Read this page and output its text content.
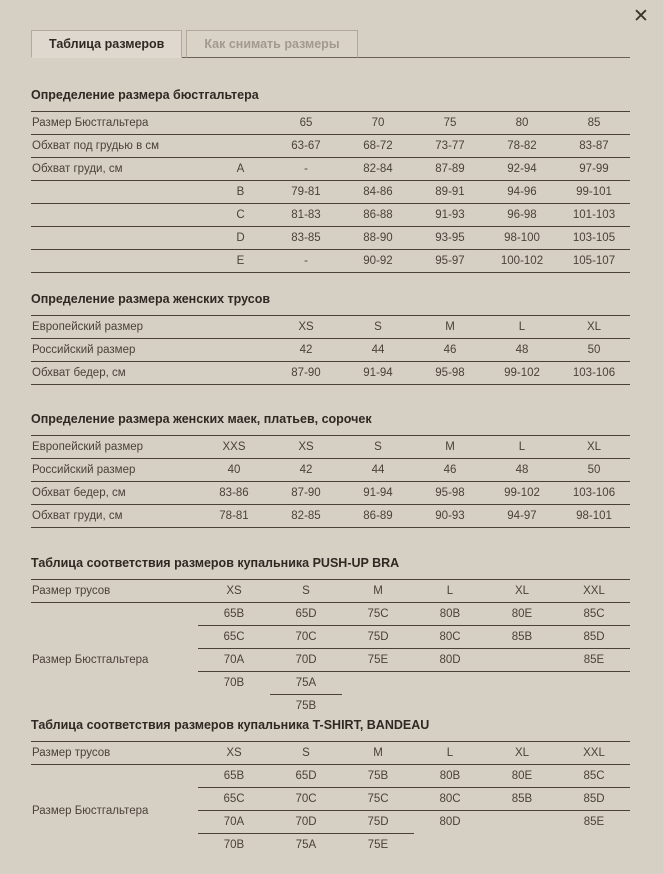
✕
Таблица размеров	Как снимать размеры
Определение размера бюстгальтера
Размер Бюстгальтера		65	70	75	80	85
Обхват под грудью в см		63-67	68-72	73-77	78-82	83-87
Обхват груди, см	A	-	82-84	87-89	92-94	97-99
	B	79-81	84-86	89-91	94-96	99-101
	C	81-83	86-88	91-93	96-98	101-103
	D	83-85	88-90	93-95	98-100	103-105
	E	-	90-92	95-97	100-102	105-107
Определение размера женских трусов
Европейский размер	XS	S	M	L	XL
Российский размер	42	44	46	48	50
Обхват бедер, см	87-90	91-94	95-98	99-102	103-106
Определение размера женских маек, платьев, сорочек
Европейский размер	XXS	XS	S	M	L	XL
Российский размер	40	42	44	46	48	50
Обхват бедер, см	83-86	87-90	91-94	95-98	99-102	103-106
Обхват груди, см	78-81	82-85	86-89	90-93	94-97	98-101
Таблица соответствия размеров купальника PUSH-UP BRA
Размер трусов	XS	S	M	L	XL	XXL
Размер Бюстгальтера	65B	65D	75C	80B	80E	85C
	65C	70C	75D	80C	85B	85D
	70A	70D	75E	80D		85E
	70B	75A				
		75B				
Таблица соответствия размеров купальника T-SHIRT, BANDEAU
Размер трусов	XS	S	M	L	XL	XXL
Размер Бюстгальтера	65B	65D	75B	80B	80E	85C
	65C	70C	75C	80C	85B	85D
	70A	70D	75D	80D		85E
	70B	75A	75E			
